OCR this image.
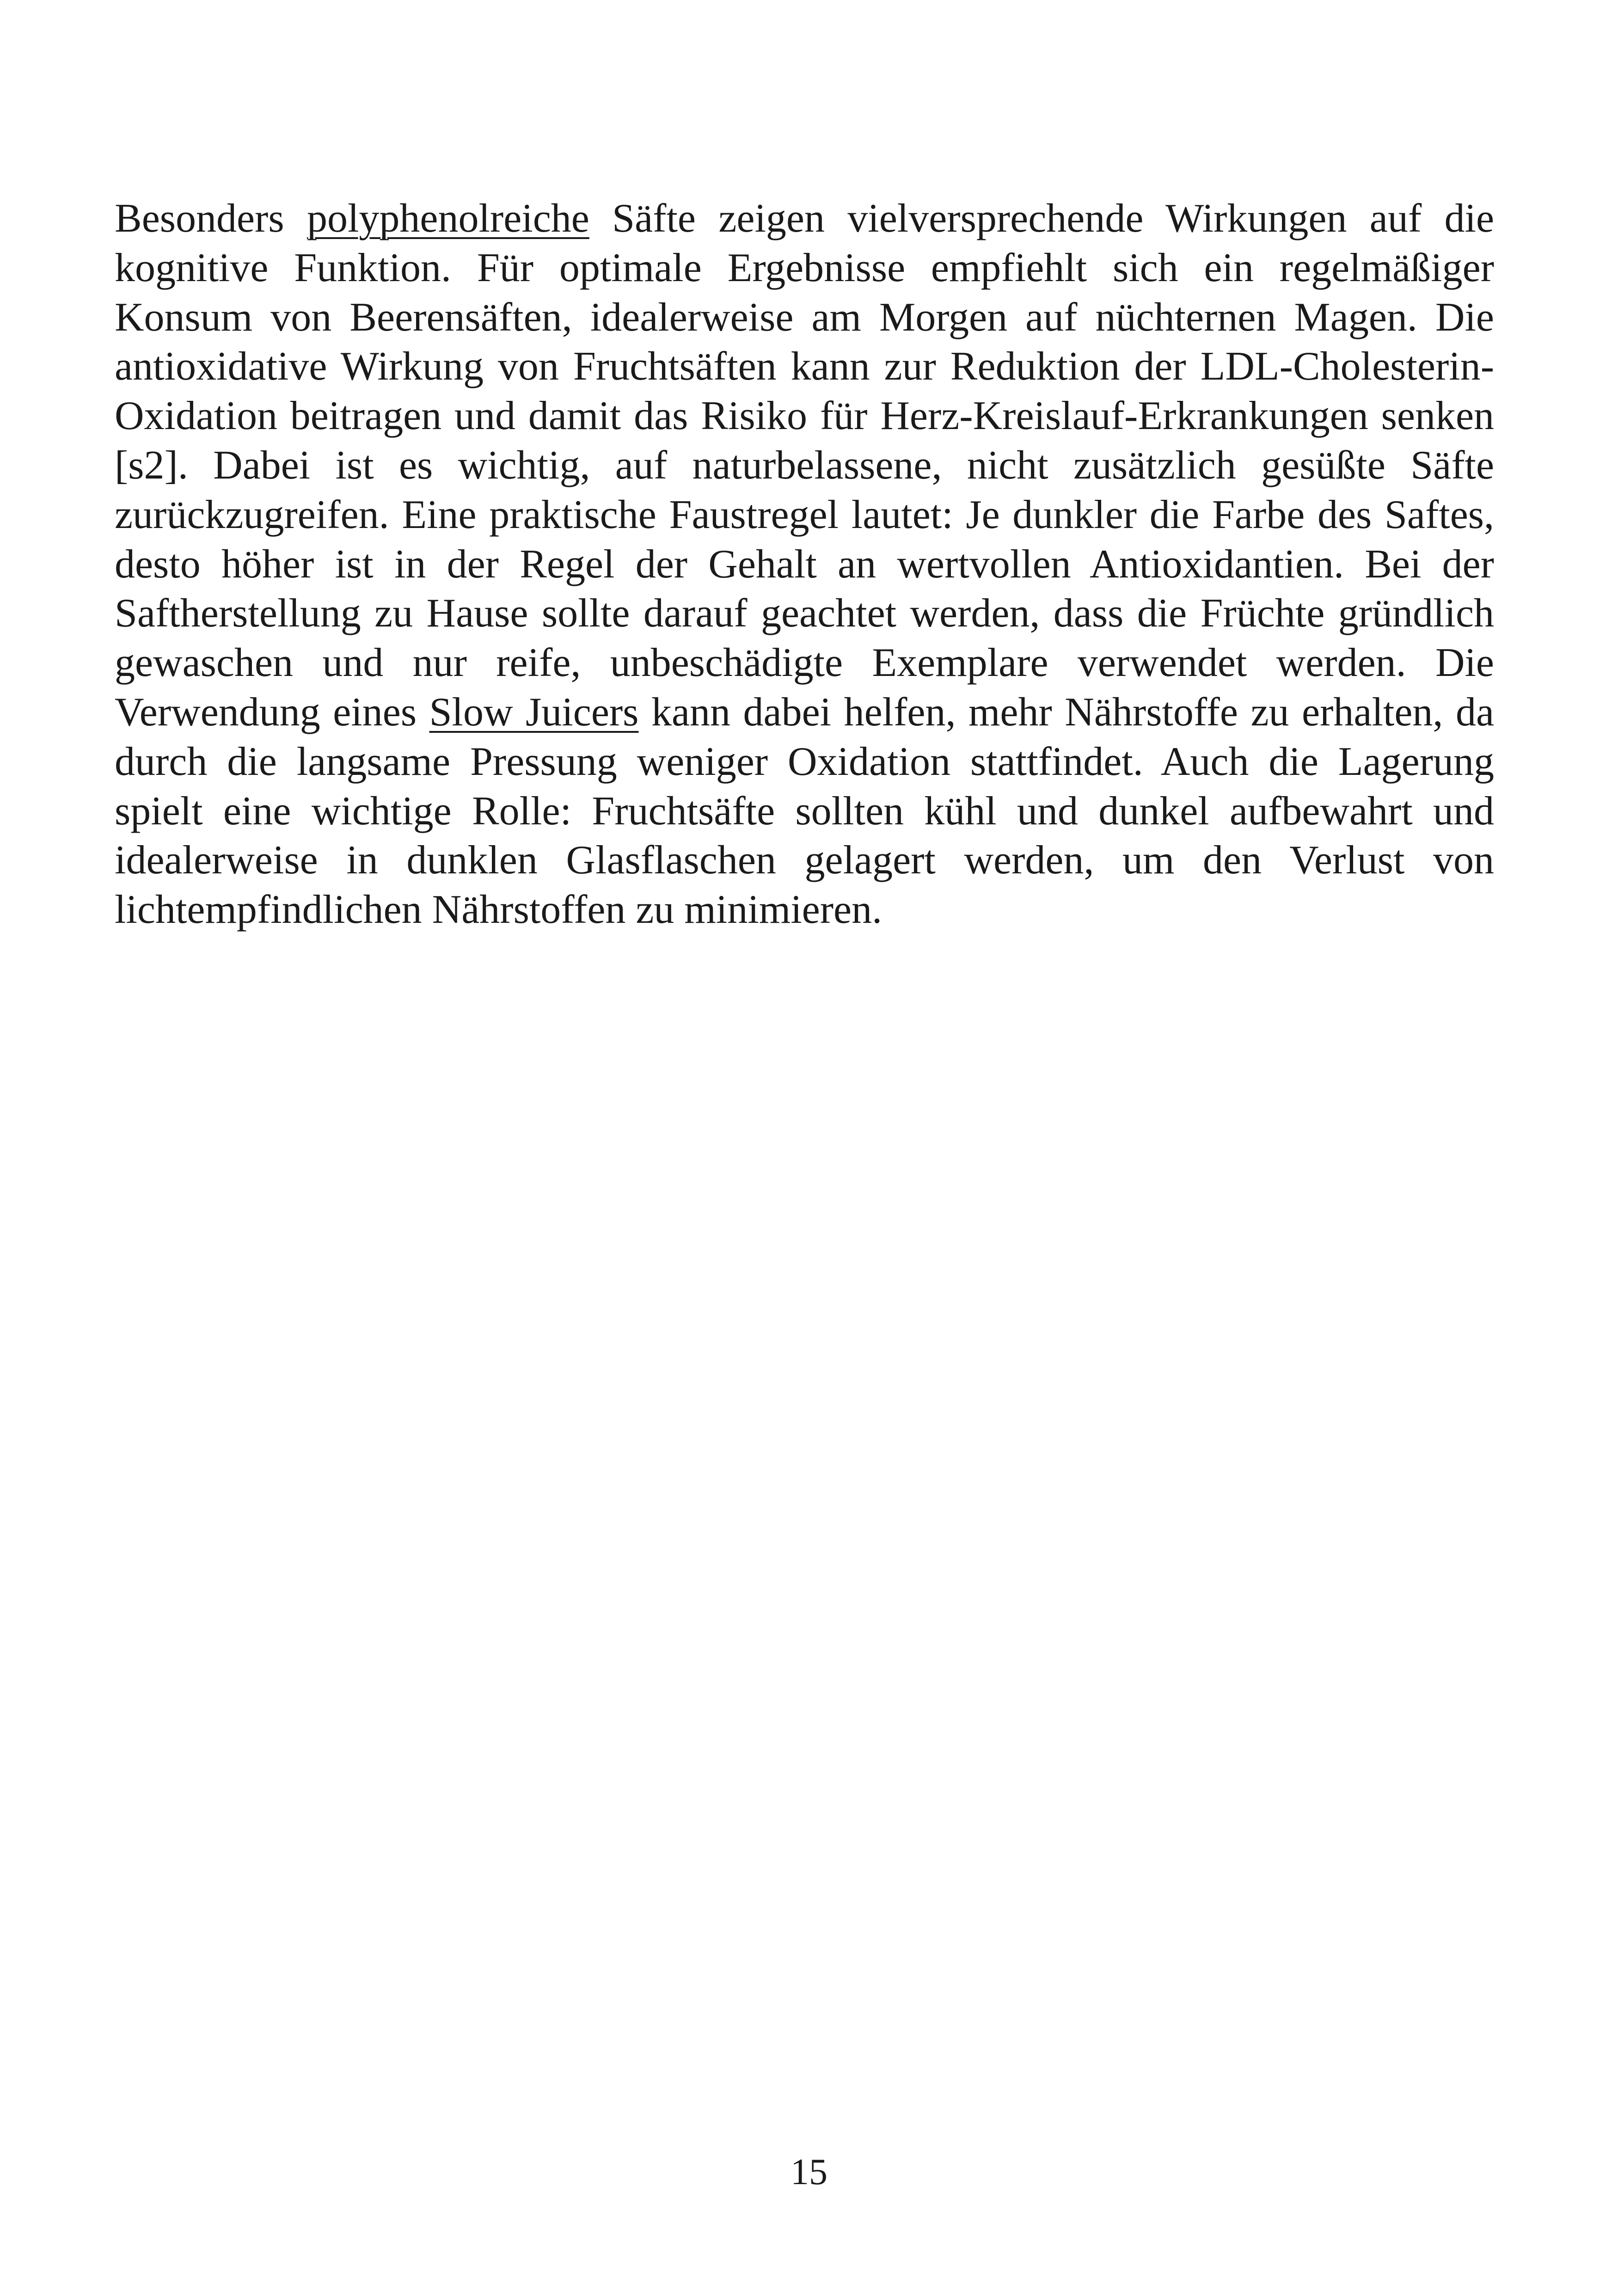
Besonders polyphenolreiche Säfte zeigen vielversprechende Wirkungen auf die kognitive Funktion. Für optimale Ergebnisse empfiehlt sich ein regelmäßiger Konsum von Beerensäften, idealerweise am Morgen auf nüchternen Magen. Die antioxidative Wirkung von Fruchtsäften kann zur Reduktion der LDL-Cholesterin-Oxidation beitragen und damit das Risiko für Herz-Kreislauf-Erkrankungen senken [s2]. Dabei ist es wichtig, auf naturbelassene, nicht zusätzlich gesüßte Säfte zurückzugreifen. Eine praktische Faustregel lautet: Je dunkler die Farbe des Saftes, desto höher ist in der Regel der Gehalt an wertvollen Antioxidantien. Bei der Saftherstellung zu Hause sollte darauf geachtet werden, dass die Früchte gründlich gewaschen und nur reife, unbeschädigte Exemplare verwendet werden. Die Verwendung eines Slow Juicers kann dabei helfen, mehr Nährstoffe zu erhalten, da durch die langsame Pressung weniger Oxidation stattfindet. Auch die Lagerung spielt eine wichtige Rolle: Fruchtsäfte sollten kühl und dunkel aufbewahrt und idealerweise in dunklen Glasflaschen gelagert werden, um den Verlust von lichtempfindlichen Nährstoffen zu minimieren.

15
